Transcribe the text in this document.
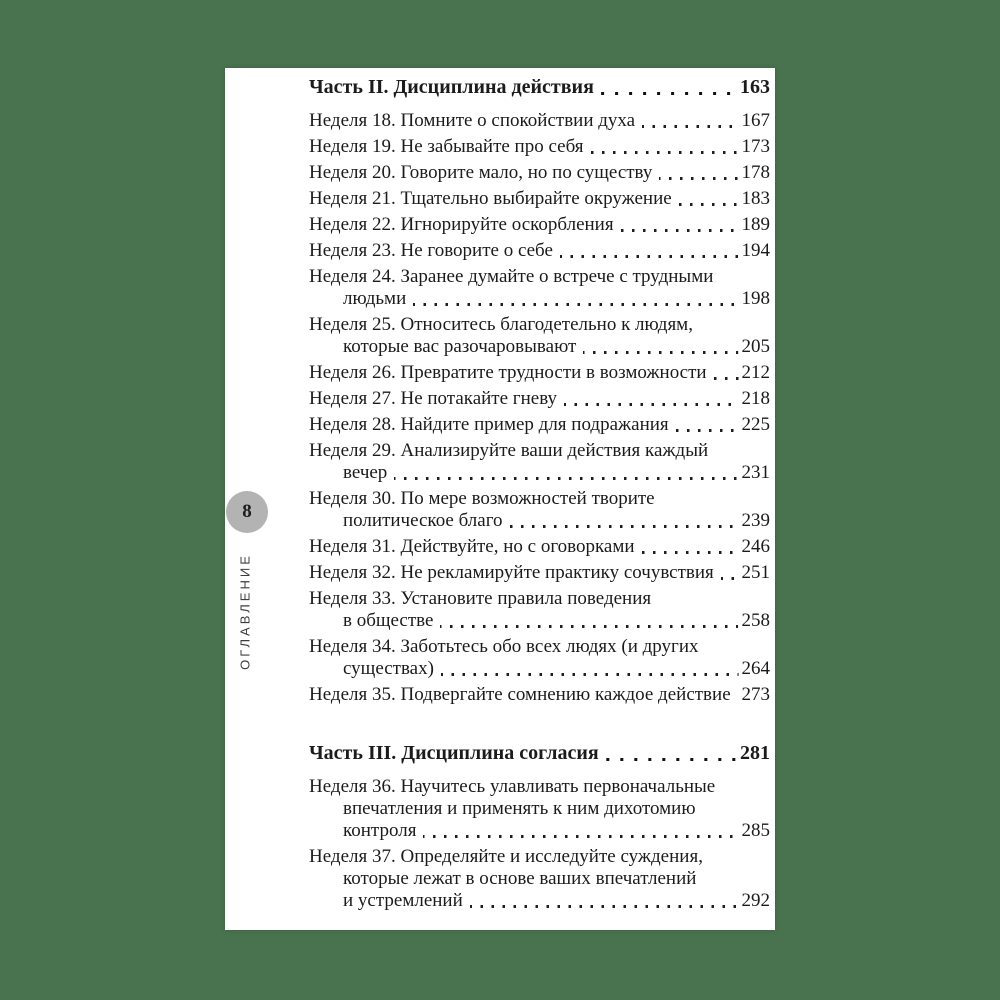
8
ОГЛАВЛЕНИЕ
Часть II. Дисциплина действия	163
Неделя 18. Помните о спокойствии духа	167
Неделя 19. Не забывайте про себя	173
Неделя 20. Говорите мало, но по существу	178
Неделя 21. Тщательно выбирайте окружение	183
Неделя 22. Игнорируйте оскорбления	189
Неделя 23. Не говорите о себе	194
Неделя 24. Заранее думайте о встрече с трудными
людьми	198
Неделя 25. Относитесь благодетельно к людям,
которые вас разочаровывают	205
Неделя 26. Превратите трудности в возможности 212
Неделя 27. Не потакайте гневу	218
Неделя 28. Найдите пример для подражания	225
Неделя 29. Анализируйте ваши действия каждый
вечер	231
Неделя 30. По мере возможностей творите
политическое благо	239
Неделя 31. Действуйте, но с оговорками	246
Неделя 32. Не рекламируйте практику сочувствия 251
Неделя 33. Установите правила поведения
в обществе	258
Неделя 34. Заботьтесь обо всех людях (и других
существах)	264
Неделя 35. Подвергайте сомнению каждое действие 273
Часть III. Дисциплина согласия	281
Неделя 36. Научитесь улавливать первоначальные
впечатления и применять к ним дихотомию
контроля	285
Неделя 37. Определяйте и исследуйте суждения,
которые лежат в основе ваших впечатлений
и устремлений	292
